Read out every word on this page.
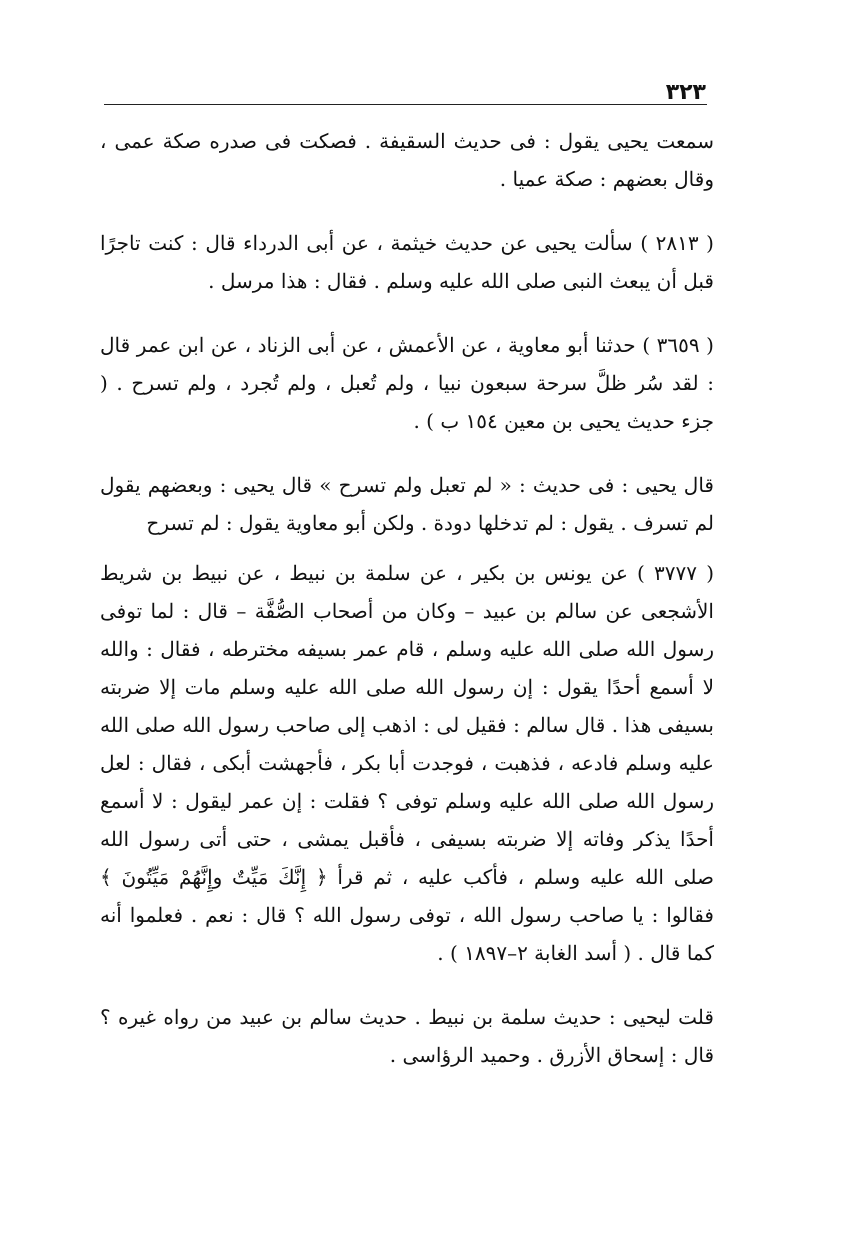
٣٢٣

سمعت يحيى يقول : فى حديث السقيفة . فصكت فى صدره صكة عمى ، وقال بعضهم : صكة عميا .

( ٢٨١٣ ) سألت يحيى عن حديث خيثمة ، عن أبى الدرداء قال : كنت تاجرًا قبل أن يبعث النبى صلى الله عليه وسلم . فقال : هذا مرسل .

( ٣٦٥٩ ) حدثنا أبو معاوية ، عن الأعمش ، عن أبى الزناد ، عن ابن عمر قال : لقد سُر ظلَّ سرحة سبعون نبيا ، ولم تُعبل ، ولم تُجرد ، ولم تسرح . ( جزء حديث يحيى بن معين ١٥٤ ب ) .

قال يحيى : فى حديث : « لم تعبل ولم تسرح » قال يحيى : وبعضهم يقول لم تسرف . يقول : لم تدخلها دودة . ولكن أبو معاوية يقول : لم تسرح

( ٣٧٧٧ ) عن يونس بن بكير ، عن سلمة بن نبيط ، عن نبيط بن شريط الأشجعى عن سالم بن عبيد – وكان من أصحاب الصُّفَّة – قال : لما توفى رسول الله صلى الله عليه وسلم ، قام عمر بسيفه مخترطه ، فقال : والله لا أسمع أحدًا يقول : إن رسول الله صلى الله عليه وسلم مات إلا ضربته بسيفى هذا . قال سالم : فقيل لى : اذهب إلى صاحب رسول الله صلى الله عليه وسلم فادعه ، فذهبت ، فوجدت أبا بكر ، فأجهشت أبكى ، فقال : لعل رسول الله صلى الله عليه وسلم توفى ؟ فقلت : إن عمر ليقول : لا أسمع أحدًا يذكر وفاته إلا ضربته بسيفى ، فأقبل يمشى ، حتى أتى رسول الله صلى الله عليه وسلم ، فأكب عليه ، ثم قرأ ﴿ إِنَّكَ مَيِّتٌ وإِنَّهُمْ مَيِّتُونَ ﴾ فقالوا : يا صاحب رسول الله ، توفى رسول الله ؟ قال : نعم . فعلموا أنه كما قال . ( أسد الغابة ٢–١٨٩٧ ) .

قلت ليحيى : حديث سلمة بن نبيط . حديث سالم بن عبيد من رواه غيره ؟ قال : إسحاق الأزرق . وحميد الرؤاسى .
